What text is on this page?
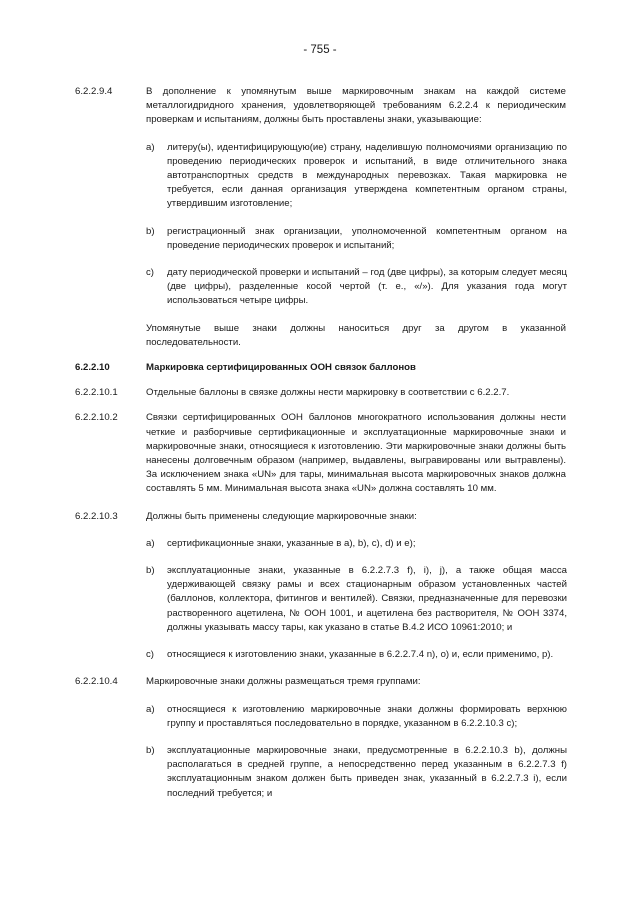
- 755 -
6.2.2.9.4	В дополнение к упомянутым выше маркировочным знакам на каждой системе металлогидридного хранения, удовлетворяющей требованиям 6.2.2.4 к периодическим проверкам и испытаниям, должны быть проставлены знаки, указывающие:
a) литеру(ы), идентифицирующую(ие) страну, наделившую полномочиями организацию по проведению периодических проверок и испытаний, в виде отличительного знака автотранспортных средств в международных перевозках. Такая маркировка не требуется, если данная организация утверждена компетентным органом страны, утвердившим изготовление;
b) регистрационный знак организации, уполномоченной компетентным органом на проведение периодических проверок и испытаний;
c) дату периодической проверки и испытаний – год (две цифры), за которым следует месяц (две цифры), разделенные косой чертой (т. е., «/»). Для указания года могут использоваться четыре цифры.
Упомянутые выше знаки должны наноситься друг за другом в указанной последовательности.
6.2.2.10	Маркировка сертифицированных ООН связок баллонов
6.2.2.10.1	Отдельные баллоны в связке должны нести маркировку в соответствии с 6.2.2.7.
6.2.2.10.2	Связки сертифицированных ООН баллонов многократного использования должны нести четкие и разборчивые сертификационные и эксплуатационные маркировочные знаки и маркировочные знаки, относящиеся к изготовлению. Эти маркировочные знаки должны быть нанесены долговечным образом (например, выдавлены, выгравированы или вытравлены). За исключением знака «UN» для тары, минимальная высота маркировочных знаков должна составлять 5 мм. Минимальная высота знака «UN» должна составлять 10 мм.
6.2.2.10.3	Должны быть применены следующие маркировочные знаки:
a) сертификационные знаки, указанные в a), b), c), d) и e);
b) эксплуатационные знаки, указанные в 6.2.2.7.3 f), i), j), а также общая масса удерживающей связку рамы и всех стационарным образом установленных частей (баллонов, коллектора, фитингов и вентилей). Связки, предназначенные для перевозки растворенного ацетилена, № ООН 1001, и ацетилена без растворителя, № ООН 3374, должны указывать массу тары, как указано в статье B.4.2 ИСО 10961:2010; и
c) относящиеся к изготовлению знаки, указанные в 6.2.2.7.4 n), o) и, если применимо, p).
6.2.2.10.4	Маркировочные знаки должны размещаться тремя группами:
a) относящиеся к изготовлению маркировочные знаки должны формировать верхнюю группу и проставляться последовательно в порядке, указанном в 6.2.2.10.3 c);
b) эксплуатационные маркировочные знаки, предусмотренные в 6.2.2.10.3 b), должны располагаться в средней группе, а непосредственно перед указанным в 6.2.2.7.3 f) эксплуатационным знаком должен быть приведен знак, указанный в 6.2.2.7.3 i), если последний требуется; и
